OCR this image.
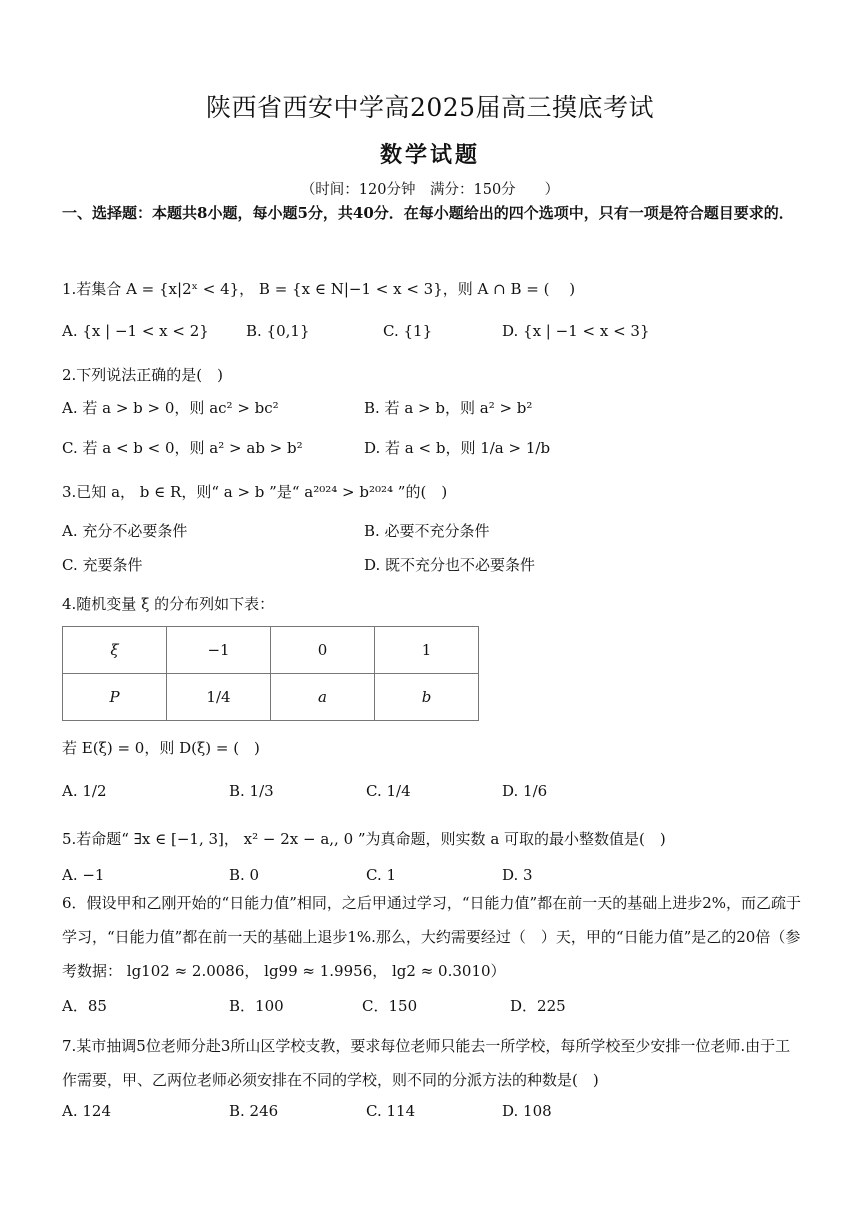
陕西省西安中学高2025届高三摸底考试
数学试题
（时间：120分钟　满分：150分　　）
一、选择题：本题共8小题，每小题5分，共40分．在每小题给出的四个选项中，只有一项是符合题目要求的．
1.若集合 A = {x|2ˣ < 4}， B = {x ∈ N|−1 < x < 3}，则 A ∩ B = (　 )
A. {x | −1 < x < 2} B. {0,1}	C. {1}	D. {x | −1 < x < 3}
2.下列说法正确的是(　)
A. 若 a > b > 0，则 ac² > bc²	B. 若 a > b，则 a² > b²
C. 若 a < b < 0，则 a² > ab > b²	D. 若 a < b，则 1/a > 1/b
3.已知 a， b ∈ R，则“ a > b ”是“ a²⁰²⁴ > b²⁰²⁴ ”的(　)
A. 充分不必要条件	B. 必要不充分条件
C. 充要条件	D. 既不充分也不必要条件
4.随机变量 ξ 的分布列如下表：
ξ	−1	0	1
P	1/4	a	b
若 E(ξ) = 0，则 D(ξ) = (　)
A. 1/2	B. 1/3	C. 1/4	D. 1/6
5.若命题“ ∃x ∈ [−1, 3]， x² − 2x − a,, 0 ”为真命题，则实数 a 可取的最小整数值是(　)
A. −1	B. 0	C. 1	D. 3
6．假设甲和乙刚开始的“日能力值”相同，之后甲通过学习，“日能力值”都在前一天的基础上进步2%，而乙疏于学习，“日能力值”都在前一天的基础上退步1%.那么，大约需要经过（　）天，甲的“日能力值”是乙的20倍（参考数据： lg102 ≈ 2.0086， lg99 ≈ 1.9956， lg2 ≈ 0.3010）
A．85	B．100	C．150	D．225
7.某市抽调5位老师分赴3所山区学校支教，要求每位老师只能去一所学校，每所学校至少安排一位老师.由于工作需要，甲、乙两位老师必须安排在不同的学校，则不同的分派方法的种数是(　)
A. 124	B. 246	C. 114	D. 108
